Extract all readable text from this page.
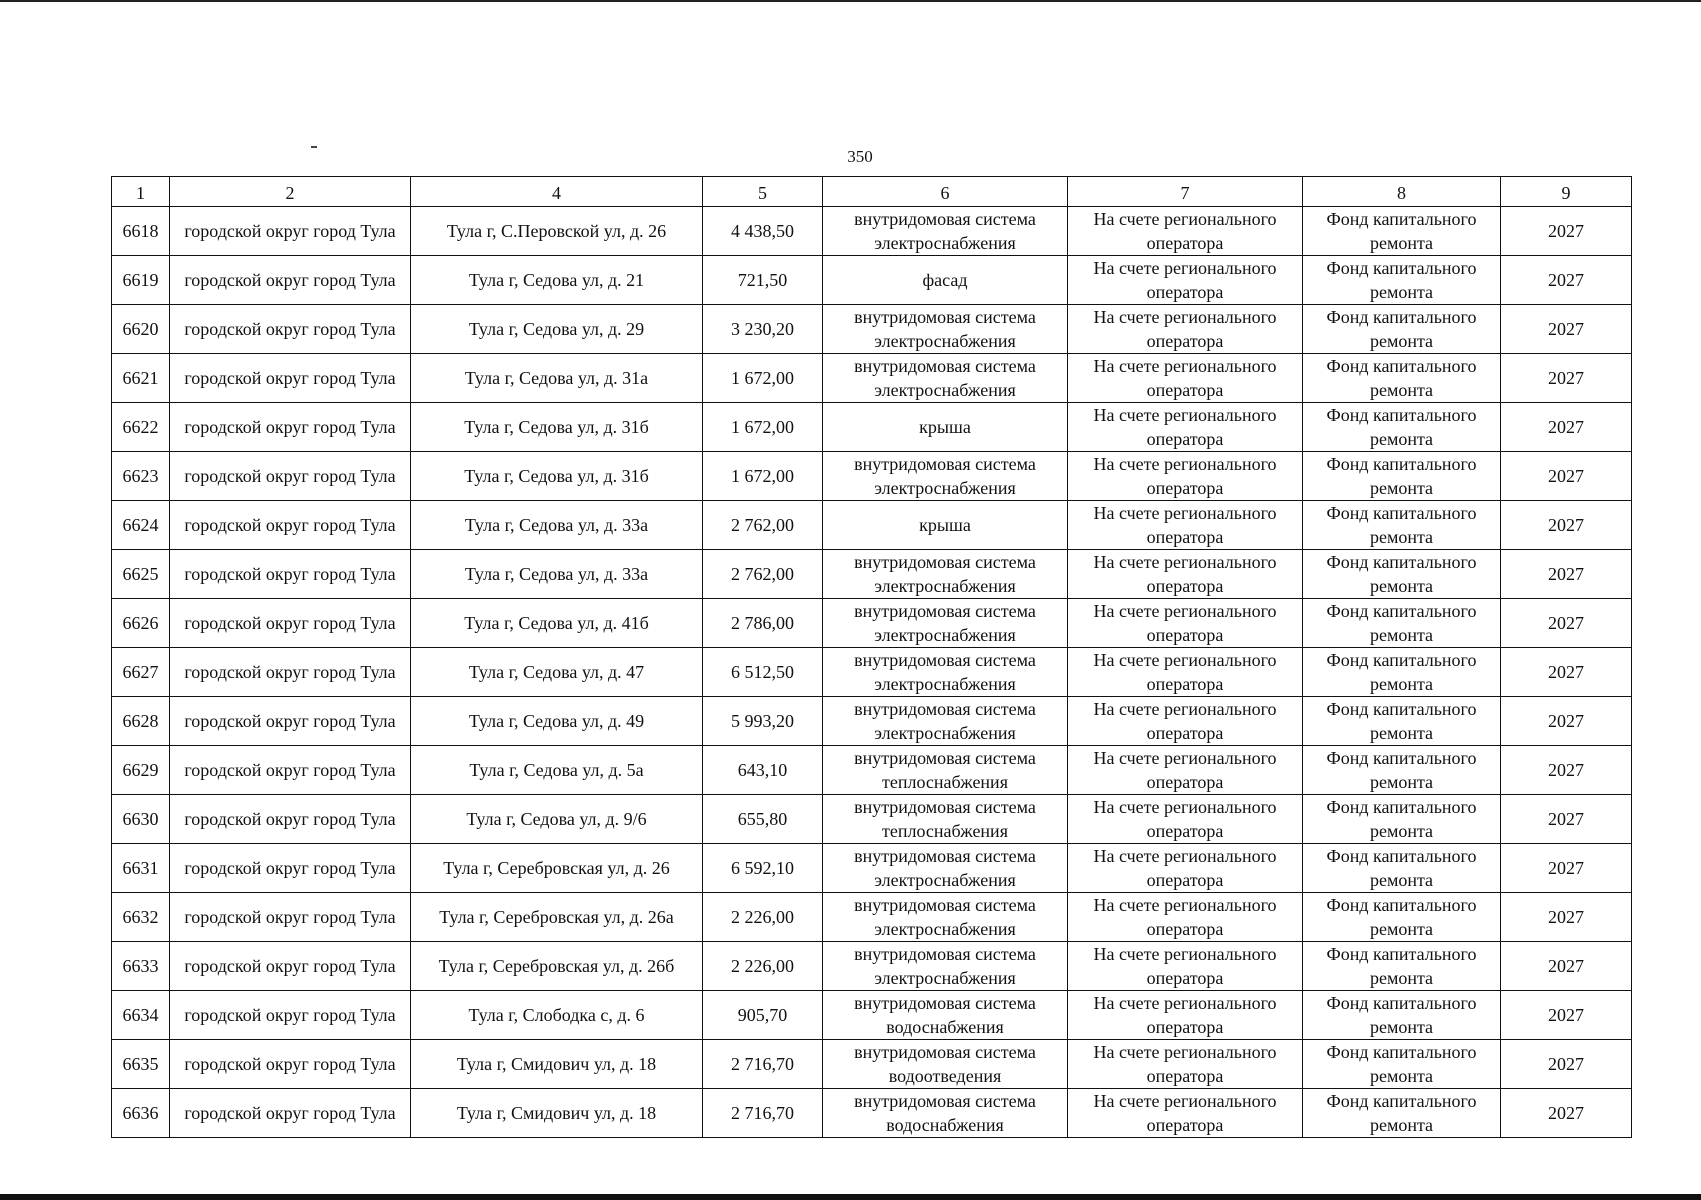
350
1	2	4	5	6	7	8	9
6618	городской округ город Тула	Тула г, С.Перовской ул, д. 26	4 438,50	внутридомовая система электроснабжения	На счете регионального оператора	Фонд капитального ремонта	2027
6619	городской округ город Тула	Тула г, Седова ул, д. 21	721,50	фасад	На счете регионального оператора	Фонд капитального ремонта	2027
6620	городской округ город Тула	Тула г, Седова ул, д. 29	3 230,20	внутридомовая система электроснабжения	На счете регионального оператора	Фонд капитального ремонта	2027
6621	городской округ город Тула	Тула г, Седова ул, д. 31а	1 672,00	внутридомовая система электроснабжения	На счете регионального оператора	Фонд капитального ремонта	2027
6622	городской округ город Тула	Тула г, Седова ул, д. 31б	1 672,00	крыша	На счете регионального оператора	Фонд капитального ремонта	2027
6623	городской округ город Тула	Тула г, Седова ул, д. 31б	1 672,00	внутридомовая система электроснабжения	На счете регионального оператора	Фонд капитального ремонта	2027
6624	городской округ город Тула	Тула г, Седова ул, д. 33а	2 762,00	крыша	На счете регионального оператора	Фонд капитального ремонта	2027
6625	городской округ город Тула	Тула г, Седова ул, д. 33а	2 762,00	внутридомовая система электроснабжения	На счете регионального оператора	Фонд капитального ремонта	2027
6626	городской округ город Тула	Тула г, Седова ул, д. 41б	2 786,00	внутридомовая система электроснабжения	На счете регионального оператора	Фонд капитального ремонта	2027
6627	городской округ город Тула	Тула г, Седова ул, д. 47	6 512,50	внутридомовая система электроснабжения	На счете регионального оператора	Фонд капитального ремонта	2027
6628	городской округ город Тула	Тула г, Седова ул, д. 49	5 993,20	внутридомовая система электроснабжения	На счете регионального оператора	Фонд капитального ремонта	2027
6629	городской округ город Тула	Тула г, Седова ул, д. 5а	643,10	внутридомовая система теплоснабжения	На счете регионального оператора	Фонд капитального ремонта	2027
6630	городской округ город Тула	Тула г, Седова ул, д. 9/6	655,80	внутридомовая система теплоснабжения	На счете регионального оператора	Фонд капитального ремонта	2027
6631	городской округ город Тула	Тула г, Серебровская ул, д. 26	6 592,10	внутридомовая система электроснабжения	На счете регионального оператора	Фонд капитального ремонта	2027
6632	городской округ город Тула	Тула г, Серебровская ул, д. 26а	2 226,00	внутридомовая система электроснабжения	На счете регионального оператора	Фонд капитального ремонта	2027
6633	городской округ город Тула	Тула г, Серебровская ул, д. 26б	2 226,00	внутридомовая система электроснабжения	На счете регионального оператора	Фонд капитального ремонта	2027
6634	городской округ город Тула	Тула г, Слободка с, д. 6	905,70	внутридомовая система водоснабжения	На счете регионального оператора	Фонд капитального ремонта	2027
6635	городской округ город Тула	Тула г, Смидович ул, д. 18	2 716,70	внутридомовая система водоотведения	На счете регионального оператора	Фонд капитального ремонта	2027
6636	городской округ город Тула	Тула г, Смидович ул, д. 18	2 716,70	внутридомовая система водоснабжения	На счете регионального оператора	Фонд капитального ремонта	2027
